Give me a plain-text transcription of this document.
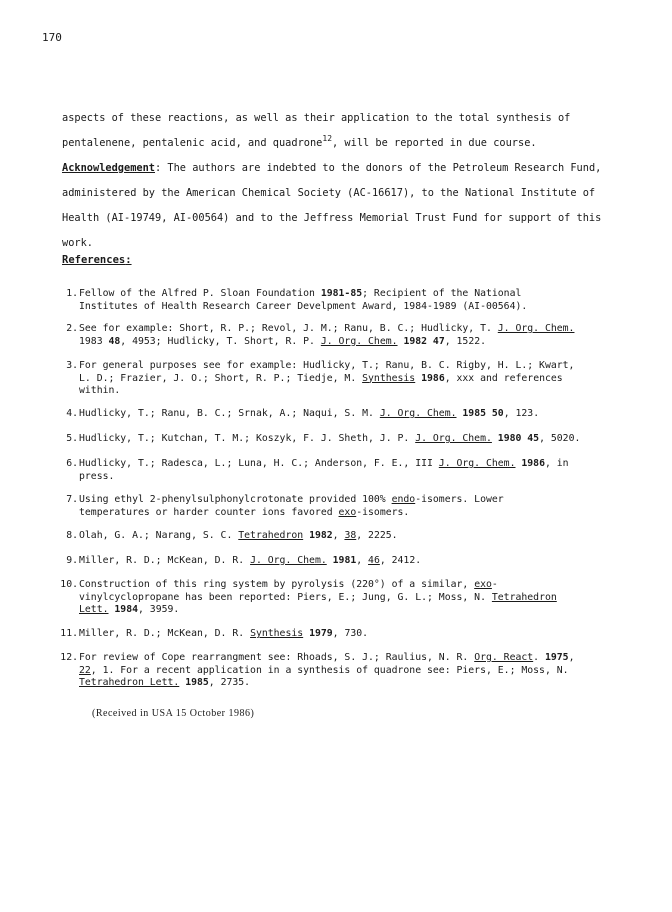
170

aspects of these reactions, as well as their application to the total synthesis of

pentalenene, pentalenic acid, and quadrone$^{12}$, will be reported in due course.

Acknowledgement: The authors are indebted to the donors of the Petroleum Research Fund,

administered by the American Chemical Society (AC-16617), to the National Institute of

Health (AI-19749, AI-00564) and to the Jeffress Memorial Trust Fund for support of this

work.

References:
1. Fellow of the Alfred P. Sloan Foundation 1981-85; Recipient of the National
Institutes of Health Research Career Develpment Award, 1984-1989 (AI-00564).
2. See for example: Short, R. P.; Revol, J. M.; Ranu, B. C.; Hudlicky, T. J. Org. Chem.
1983 48, 4953; Hudlicky, T. Short, R. P. J. Org. Chem. 1982 47, 1522.
3. For general purposes see for example: Hudlicky, T.; Ranu, B. C. Rigby, H. L.; Kwart,
L. D.; Frazier, J. O.; Short, R. P.; Tiedje, M. Synthesis 1986, xxx and references
within.
4. Hudlicky, T.; Ranu, B. C.; Srnak, A.; Naqui, S. M. J. Org. Chem. 1985 50, 123.
5. Hudlicky, T.; Kutchan, T. M.; Koszyk, F. J. Sheth, J. P. J. Org. Chem. 1980 45, 5020.
6. Hudlicky, T.; Radesca, L.; Luna, H. C.; Anderson, F. E., III J. Org. Chem. 1986, in
press.
7. Using ethyl 2-phenylsulphonylcrotonate provided 100% endo-isomers. Lower
temperatures or harder counter ions favored exo-isomers.
8. Olah, G. A.; Narang, S. C. Tetrahedron 1982, 38, 2225.
9. Miller, R. D.; McKean, D. R. J. Org. Chem. 1981, 46, 2412.
10. Construction of this ring system by pyrolysis (220°) of a similar, exo-
vinylcyclopropane has been reported: Piers, E.; Jung, G. L.; Moss, N. Tetrahedron
Lett. 1984, 3959.
11. Miller, R. D.; McKean, D. R. Synthesis 1979, 730.
12. For review of Cope rearrangment see: Rhoads, S. J.; Raulius, N. R. Org. React. 1975,
22, 1. For a recent application in a synthesis of quadrone see: Piers, E.; Moss, N.
Tetrahedron Lett. 1985, 2735.
(Received in USA 15 October 1986)
